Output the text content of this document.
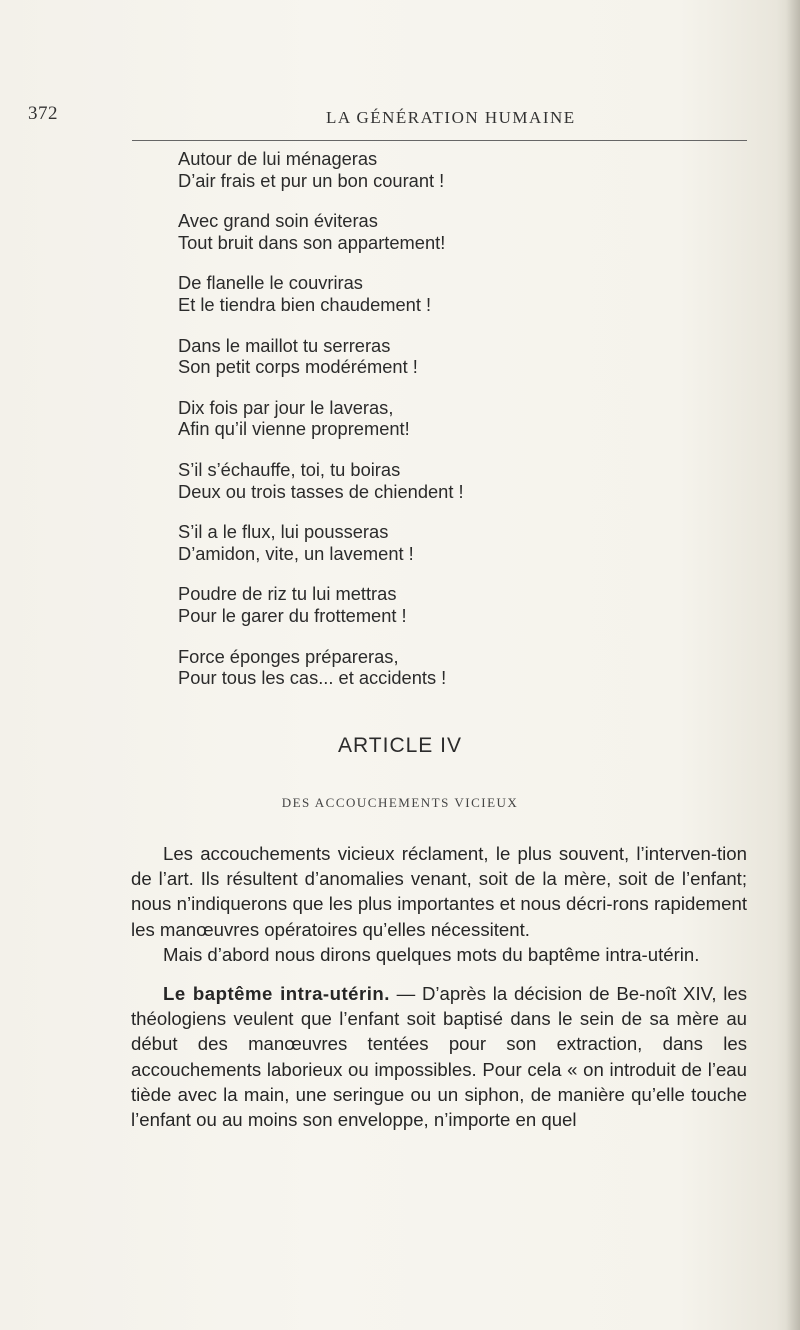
372	LA GÉNÉRATION HUMAINE
Autour de lui ménageras
D’air frais et pur un bon courant !
Avec grand soin éviteras
Tout bruit dans son appartement!
De flanelle le couvriras
Et le tiendra bien chaudement !
Dans le maillot tu serreras
Son petit corps modérément !
Dix fois par jour le laveras,
Afin qu’il vienne proprement!
S’il s’échauffe, toi, tu boiras
Deux ou trois tasses de chiendent !
S’il a le flux, lui pousseras
D’amidon, vite, un lavement !
Poudre de riz tu lui mettras
Pour le garer du frottement !
Force éponges prépareras,
Pour tous les cas... et accidents !
ARTICLE IV
DES ACCOUCHEMENTS VICIEUX

Les accouchements vicieux réclament, le plus souvent, l’interven-tion de l’art. Ils résultent d’anomalies venant, soit de la mère, soit de l’enfant; nous n’indiquerons que les plus importantes et nous décri-rons rapidement les manœuvres opératoires qu’elles nécessitent.
Mais d’abord nous dirons quelques mots du baptême intra-utérin.

Le baptême intra-utérin. — D’après la décision de Be-noît XIV, les théologiens veulent que l’enfant soit baptisé dans le sein de sa mère au début des manœuvres tentées pour son extraction, dans les accouchements laborieux ou impossibles. Pour cela « on introduit de l’eau tiède avec la main, une seringue ou un siphon, de manière qu’elle touche l’enfant ou au moins son enveloppe, n’importe en quel
